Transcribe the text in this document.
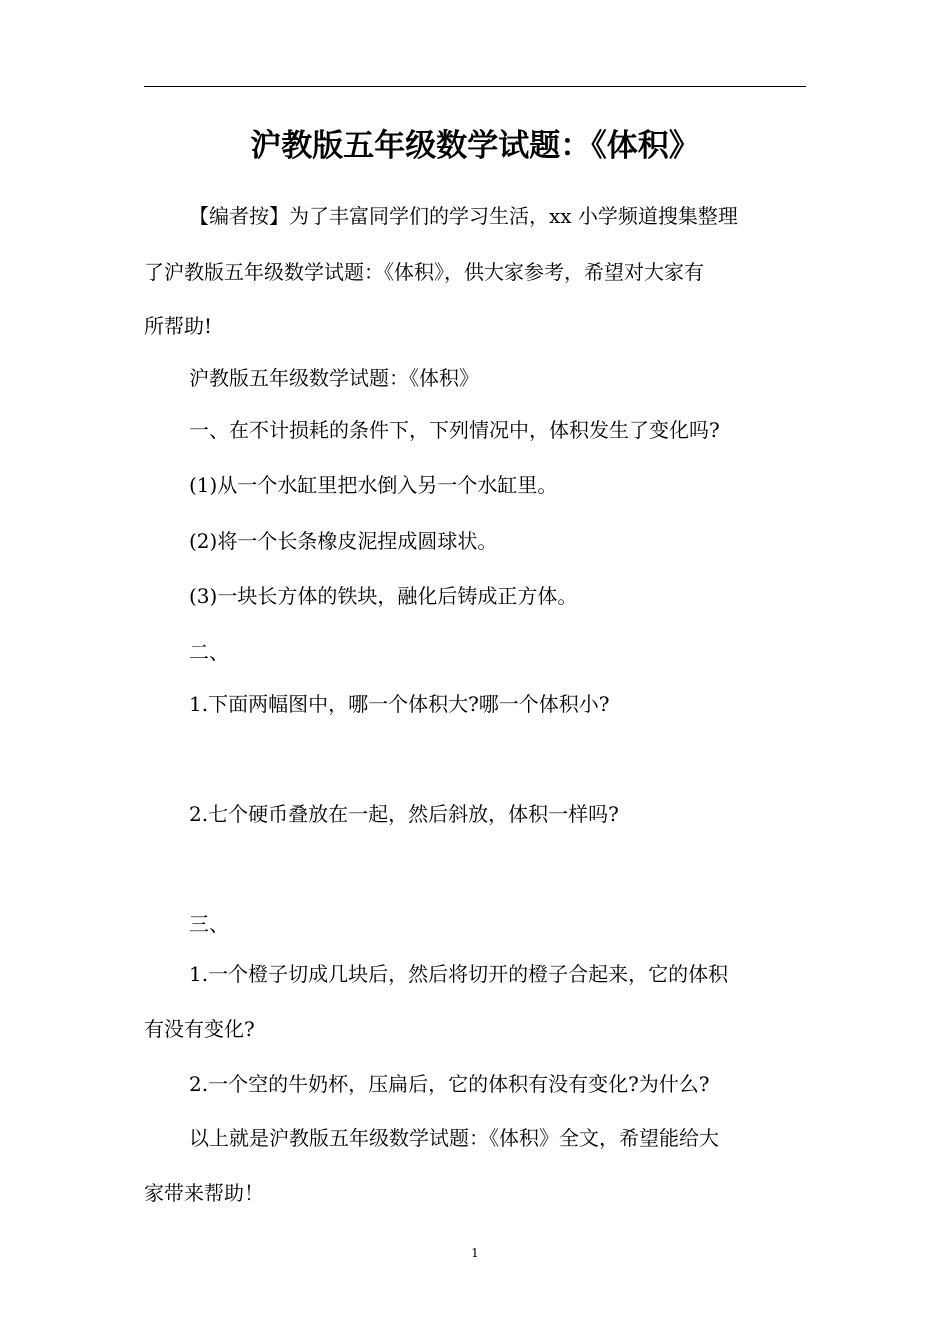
沪教版五年级数学试题：《体积》
【编者按】为了丰富同学们的学习生活，xx 小学频道搜集整理
了沪教版五年级数学试题：《体积》，供大家参考，希望对大家有
所帮助!
沪教版五年级数学试题：《体积》
一、在不计损耗的条件下，下列情况中，体积发生了变化吗?
(1)从一个水缸里把水倒入另一个水缸里。
(2)将一个长条橡皮泥捏成圆球状。
(3)一块长方体的铁块，融化后铸成正方体。
二、
1.下面两幅图中，哪一个体积大?哪一个体积小?
2.七个硬币叠放在一起，然后斜放，体积一样吗?
三、
1.一个橙子切成几块后，然后将切开的橙子合起来，它的体积
有没有变化?
2.一个空的牛奶杯，压扁后，它的体积有没有变化?为什么?
以上就是沪教版五年级数学试题：《体积》全文，希望能给大
家带来帮助！
1
